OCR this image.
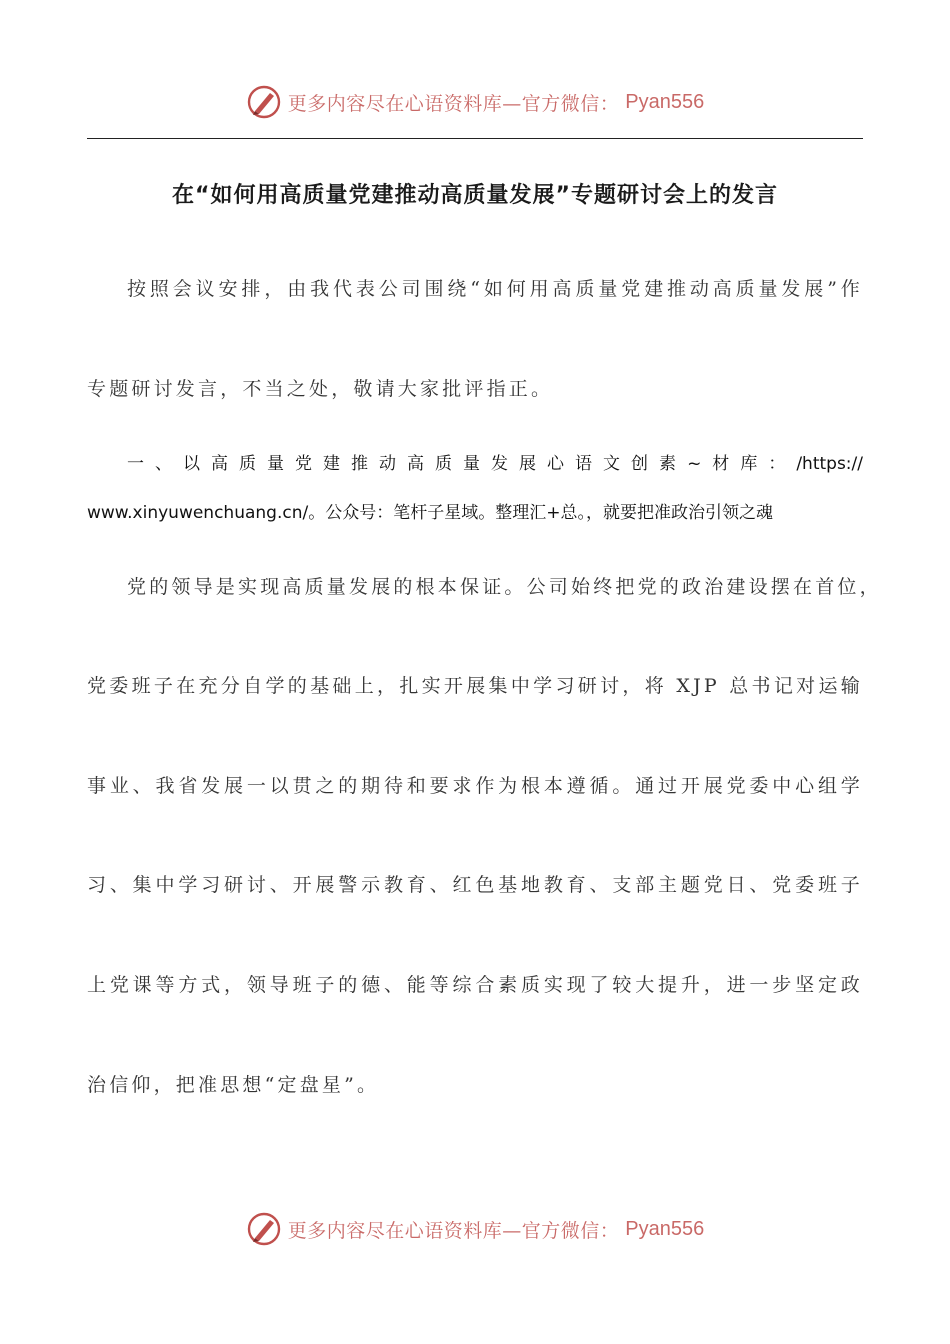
更多内容尽在心语资料库—官方微信： Pyan556
在“如何用高质量党建推动高质量发展”专题研讨会上的发言
按照会议安排，由我代表公司围绕“如何用高质量党建推动高质量发展”作
专题研讨发言，不当之处，敬请大家批评指正。
一、以高质量党建推动高质量发展心语文创素~材库：/https://
www.xinyuwenchuang.cn/。公众号：笔杆子星域。整理汇+总。，就要把准政治引领之魂
党的领导是实现高质量发展的根本保证。公司始终把党的政治建设摆在首位，
党委班子在充分自学的基础上，扎实开展集中学习研讨，将 XJP 总书记对运输
事业、我省发展一以贯之的期待和要求作为根本遵循。通过开展党委中心组学
习、集中学习研讨、开展警示教育、红色基地教育、支部主题党日、党委班子
上党课等方式，领导班子的德、能等综合素质实现了较大提升，进一步坚定政
治信仰，把准思想“定盘星”。
更多内容尽在心语资料库—官方微信： Pyan556
